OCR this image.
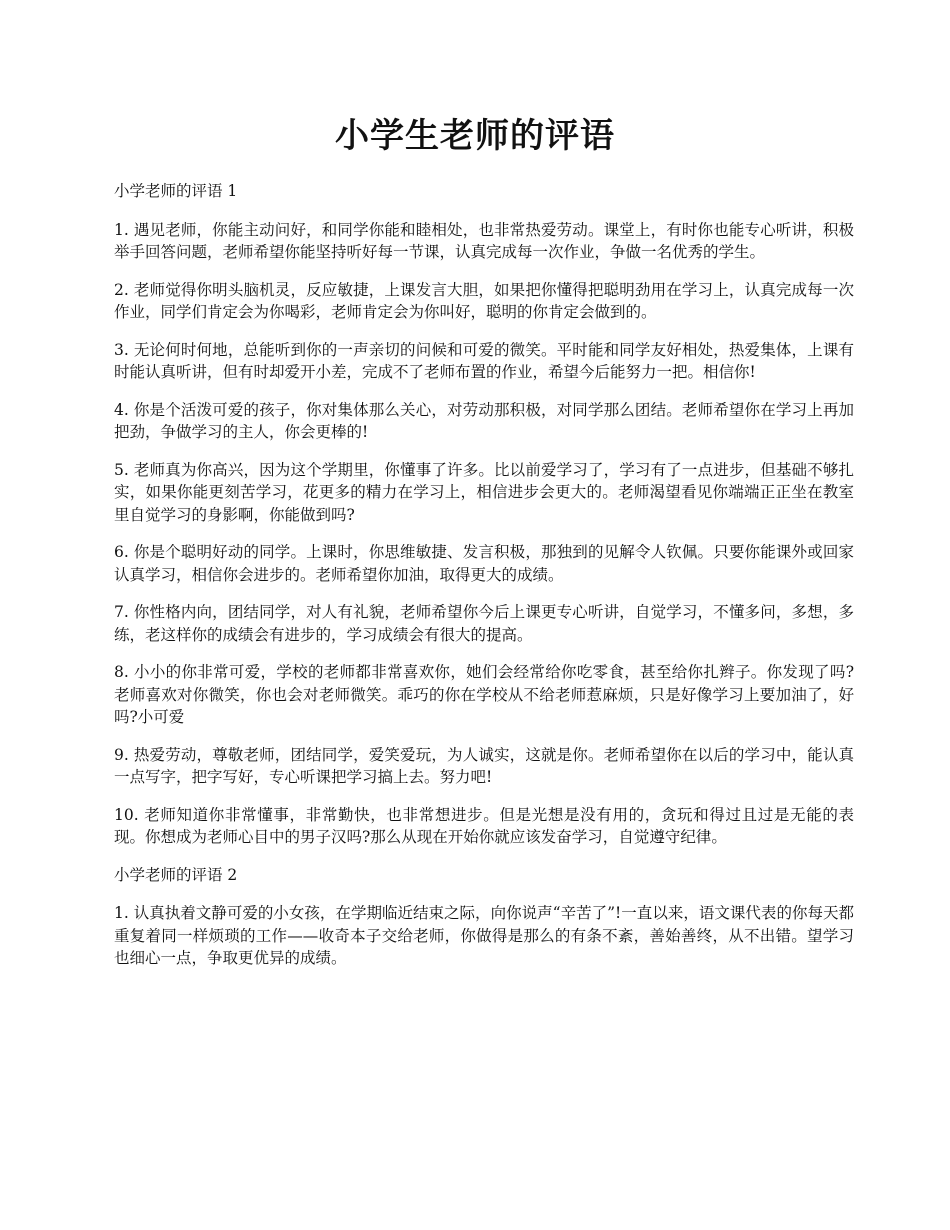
小学生老师的评语

小学老师的评语 1

1. 遇见老师，你能主动问好，和同学你能和睦相处，也非常热爱劳动。课堂上，有时你也能专心听讲，积极举手回答问题，老师希望你能坚持听好每一节课，认真完成每一次作业，争做一名优秀的学生。

2. 老师觉得你明头脑机灵，反应敏捷，上课发言大胆，如果把你懂得把聪明劲用在学习上，认真完成每一次作业，同学们肯定会为你喝彩，老师肯定会为你叫好，聪明的你肯定会做到的。

3. 无论何时何地，总能听到你的一声亲切的问候和可爱的微笑。平时能和同学友好相处，热爱集体，上课有时能认真听讲，但有时却爱开小差，完成不了老师布置的作业，希望今后能努力一把。相信你!

4. 你是个活泼可爱的孩子，你对集体那么关心，对劳动那积极，对同学那么团结。老师希望你在学习上再加把劲，争做学习的主人，你会更棒的!

5. 老师真为你高兴，因为这个学期里，你懂事了许多。比以前爱学习了，学习有了一点进步，但基础不够扎实，如果你能更刻苦学习，花更多的精力在学习上，相信进步会更大的。老师渴望看见你端端正正坐在教室里自觉学习的身影啊，你能做到吗?

6. 你是个聪明好动的同学。上课时，你思维敏捷、发言积极，那独到的见解令人钦佩。只要你能课外或回家认真学习，相信你会进步的。老师希望你加油，取得更大的成绩。

7. 你性格内向，团结同学，对人有礼貌，老师希望你今后上课更专心听讲，自觉学习，不懂多问，多想，多练，老这样你的成绩会有进步的，学习成绩会有很大的提高。

8. 小小的你非常可爱，学校的老师都非常喜欢你，她们会经常给你吃零食，甚至给你扎辫子。你发现了吗?老师喜欢对你微笑，你也会对老师微笑。乖巧的你在学校从不给老师惹麻烦，只是好像学习上要加油了，好吗?小可爱

9. 热爱劳动，尊敬老师，团结同学，爱笑爱玩，为人诚实，这就是你。老师希望你在以后的学习中，能认真一点写字，把字写好，专心听课把学习搞上去。努力吧!

10. 老师知道你非常懂事，非常勤快，也非常想进步。但是光想是没有用的，贪玩和得过且过是无能的表现。你想成为老师心目中的男子汉吗?那么从现在开始你就应该发奋学习，自觉遵守纪律。

小学老师的评语 2

1. 认真执着文静可爱的小女孩，在学期临近结束之际，向你说声“辛苦了”!一直以来，语文课代表的你每天都重复着同一样烦琐的工作——收奇本子交给老师，你做得是那么的有条不紊，善始善终，从不出错。望学习也细心一点，争取更优异的成绩。
